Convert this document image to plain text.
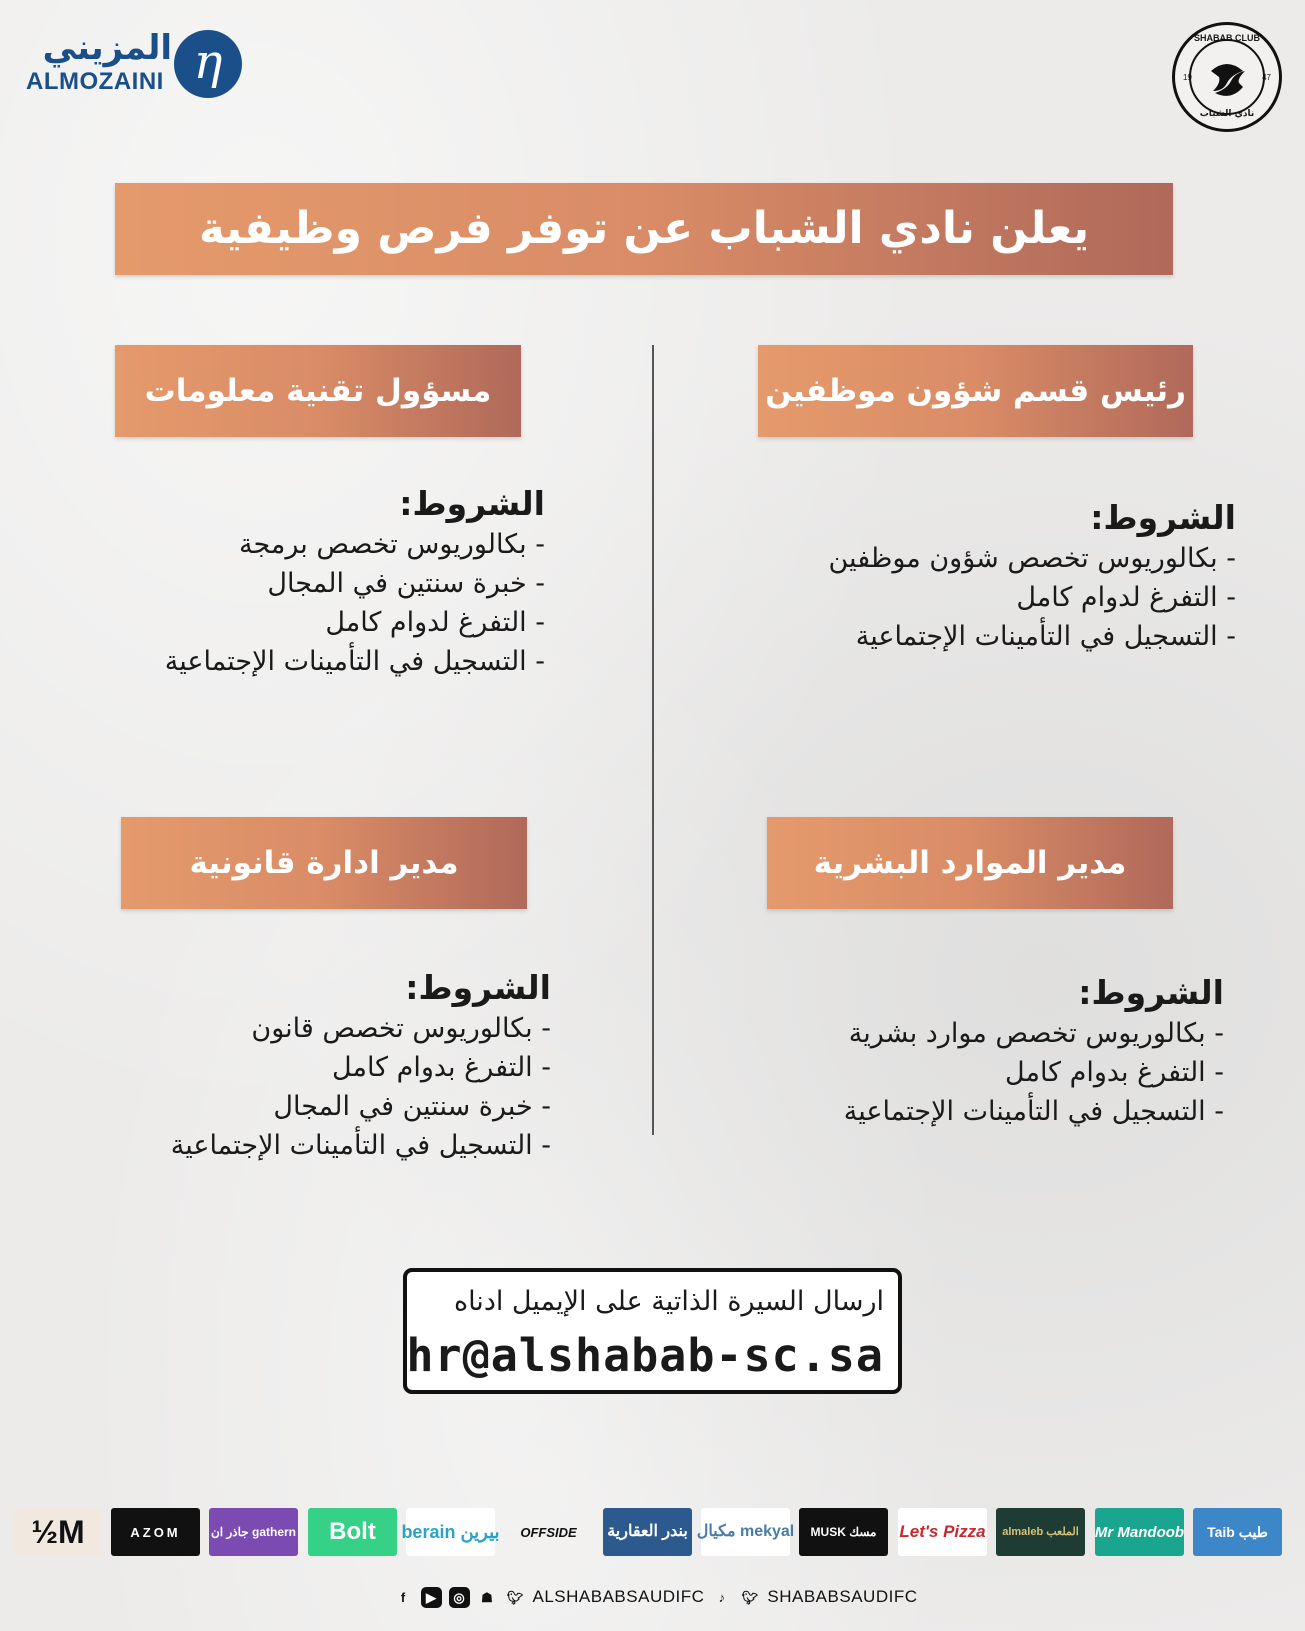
المزيني
ALMOZAINI η	SHABAB CLUB
19	47
نادي الشباب
يعلن نادي الشباب عن توفر فرص وظيفية
رئيس قسم شؤون موظفين
مسؤول تقنية معلومات
مدير الموارد البشرية
مدير ادارة قانونية
الشروط:
- بكالوريوس تخصص شؤون موظفين
- التفرغ لدوام كامل
- التسجيل في التأمينات الإجتماعية
الشروط:
- بكالوريوس تخصص برمجة
- خبرة سنتين في المجال
- التفرغ لدوام كامل
- التسجيل في التأمينات الإجتماعية
الشروط:
- بكالوريوس تخصص موارد بشرية
- التفرغ بدوام كامل
- التسجيل في التأمينات الإجتماعية
الشروط:
- بكالوريوس تخصص قانون
- التفرغ بدوام كامل
- خبرة سنتين في المجال
- التسجيل في التأمينات الإجتماعية
ارسال السيرة الذاتية على الإيميل ادناه
hr@alshabab-sc.sa
½M	AZOM	جاذر ان gathern	Bolt	berain بيرين	OFFSIDE	بندر العقارية مكيال mekyal	MUSK مسك	Let's Pizza	almaleb الملعب	Mr Mandoob	Taib طيب
f	▶	◎	☗	🐦︎ ALSHABABSAUDIFC	♪	🐦︎ SHABABSAUDIFC
